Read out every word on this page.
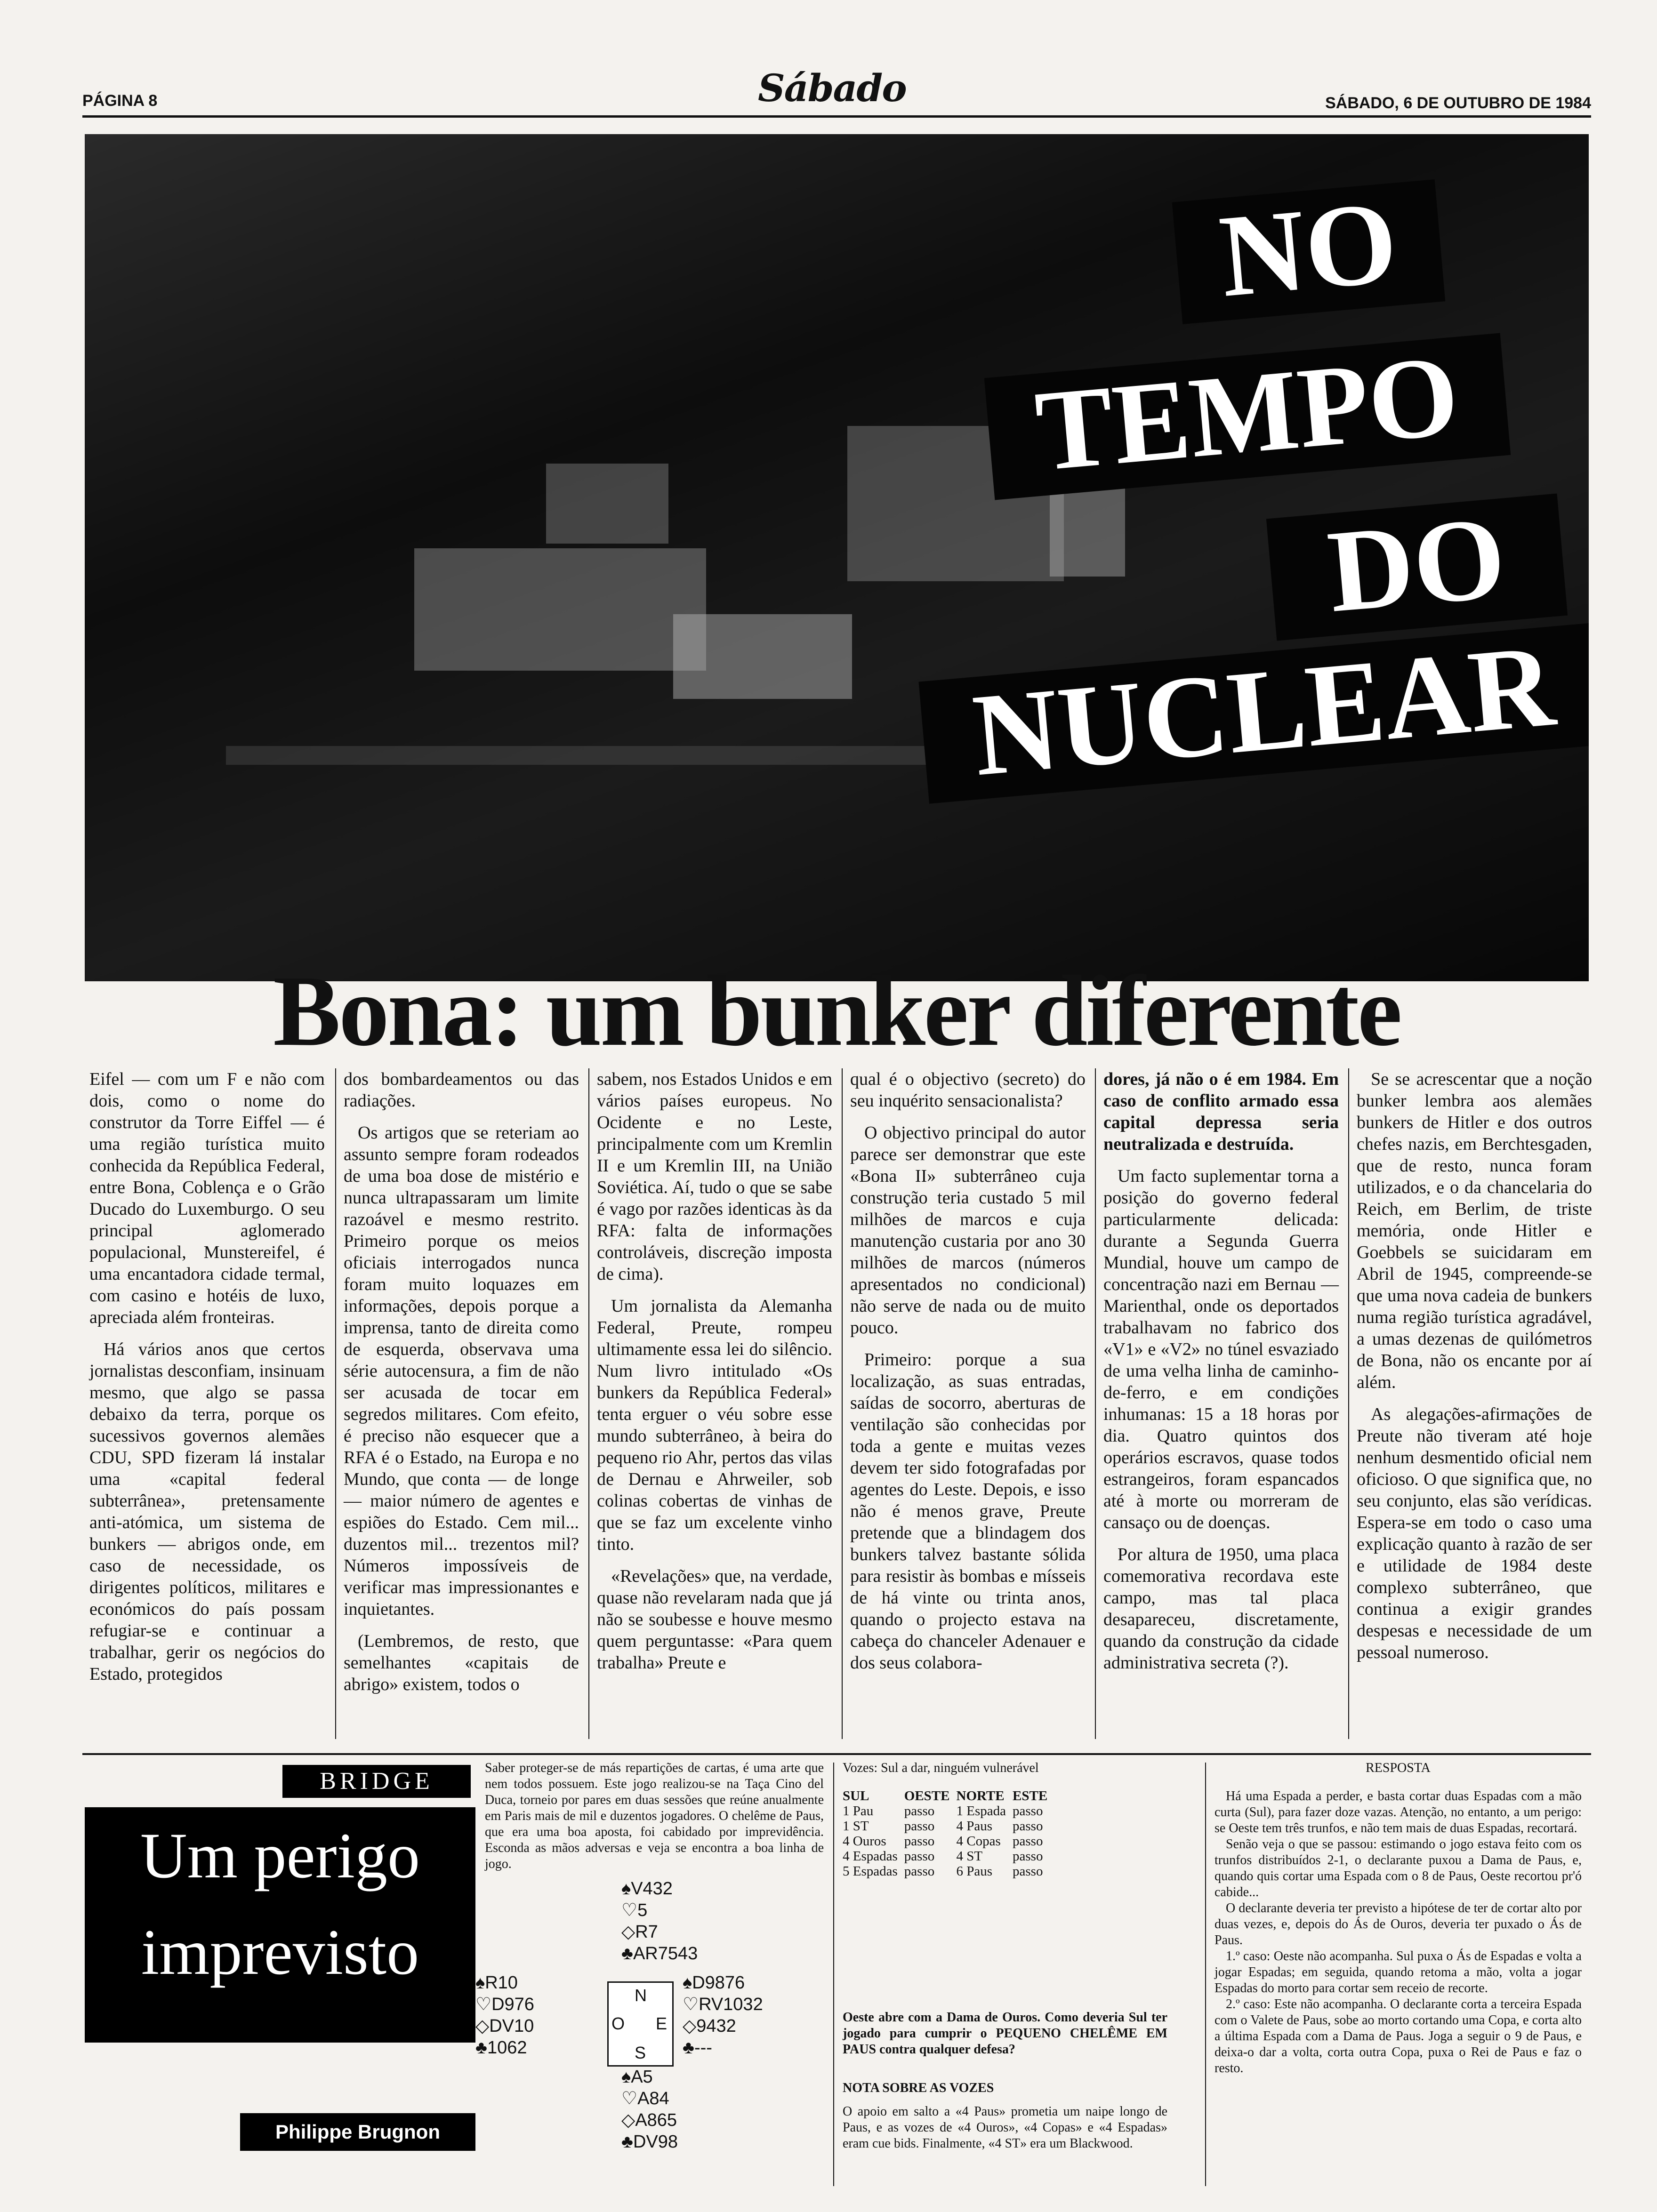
PÁGINA 8	Sábado	SÁBADO, 6 DE OUTUBRO DE 1984
NO
TEMPO
DO
NUCLEAR
Bona: um bunker diferente

Eifel — com um F e não com dois, como o nome do construtor da Torre Eiffel — é uma região turística muito conhecida da República Federal, entre Bona, Coblença e o Grão Ducado do Luxemburgo. O seu principal aglomerado populacional, Munstereifel, é uma encantadora cidade termal, com casino e hotéis de luxo, apreciada além fronteiras.

Há vários anos que certos jornalistas desconfiam, insinuam mesmo, que algo se passa debaixo da terra, porque os sucessivos governos alemães CDU, SPD fizeram lá instalar uma «capital federal subterrânea», pretensamente anti-atómica, um sistema de bunkers — abrigos onde, em caso de necessidade, os dirigentes políticos, militares e económicos do país possam refugiar-se e continuar a trabalhar, gerir os negócios do Estado, protegidos

dos bombardeamentos ou das radiações.

Os artigos que se reteriam ao assunto sempre foram rodeados de uma boa dose de mistério e nunca ultrapassaram um limite razoável e mesmo restrito. Primeiro porque os meios oficiais interrogados nunca foram muito loquazes em informações, depois porque a imprensa, tanto de direita como de esquerda, observava uma série autocensura, a fim de não ser acusada de tocar em segredos militares. Com efeito, é preciso não esquecer que a RFA é o Estado, na Europa e no Mundo, que conta — de longe — maior número de agentes e espiões do Estado. Cem mil... duzentos mil... trezentos mil? Números impossíveis de verificar mas impressionantes e inquietantes.

(Lembremos, de resto, que semelhantes «capitais de abrigo» existem, todos o

sabem, nos Estados Unidos e em vários países europeus. No Ocidente e no Leste, principalmente com um Kremlin II e um Kremlin III, na União Soviética. Aí, tudo o que se sabe é vago por razões identicas às da RFA: falta de informações controláveis, discreção imposta de cima).

Um jornalista da Alemanha Federal, Preute, rompeu ultimamente essa lei do silêncio. Num livro intitulado «Os bunkers da República Federal» tenta erguer o véu sobre esse mundo subterrâneo, à beira do pequeno rio Ahr, pertos das vilas de Dernau e Ahrweiler, sob colinas cobertas de vinhas de que se faz um excelente vinho tinto.

«Revelações» que, na verdade, quase não revelaram nada que já não se soubesse e houve mesmo quem perguntasse: «Para quem trabalha» Preute e

qual é o objectivo (secreto) do seu inquérito sensacionalista?

O objectivo principal do autor parece ser demonstrar que este «Bona II» subterrâneo cuja construção teria custado 5 mil milhões de marcos e cuja manutenção custaria por ano 30 milhões de marcos (números apresentados no condicional) não serve de nada ou de muito pouco.

Primeiro: porque a sua localização, as suas entradas, saídas de socorro, aberturas de ventilação são conhecidas por toda a gente e muitas vezes devem ter sido fotografadas por agentes do Leste. Depois, e isso não é menos grave, Preute pretende que a blindagem dos bunkers talvez bastante sólida para resistir às bombas e mísseis de há vinte ou trinta anos, quando o projecto estava na cabeça do chanceler Adenauer e dos seus colabora-

dores, já não o é em 1984. Em caso de conflito armado essa capital depressa seria neutralizada e destruída.

Um facto suplementar torna a posição do governo federal particularmente delicada: durante a Segunda Guerra Mundial, houve um campo de concentração nazi em Bernau — Marienthal, onde os deportados trabalhavam no fabrico dos «V1» e «V2» no túnel esvaziado de uma velha linha de caminho-de-ferro, e em condições inhumanas: 15 a 18 horas por dia. Quatro quintos dos operários escravos, quase todos estrangeiros, foram espancados até à morte ou morreram de cansaço ou de doenças.

Por altura de 1950, uma placa comemorativa recordava este campo, mas tal placa desapareceu, discretamente, quando da construção da cidade administrativa secreta (?).

Se se acrescentar que a noção bunker lembra aos alemães bunkers de Hitler e dos outros chefes nazis, em Berchtesgaden, que de resto, nunca foram utilizados, e o da chancelaria do Reich, em Berlim, de triste memória, onde Hitler e Goebbels se suicidaram em Abril de 1945, compreende-se que uma nova cadeia de bunkers numa região turística agradável, a umas dezenas de quilómetros de Bona, não os encante por aí além.

As alegações-afirmações de Preute não tiveram até hoje nenhum desmentido oficial nem oficioso. O que significa que, no seu conjunto, elas são verídicas. Espera-se em todo o caso uma explicação quanto à razão de ser e utilidade de 1984 deste complexo subterrâneo, que continua a exigir grandes despesas e necessidade de um pessoal numeroso.

BRIDGE
Um perigo
imprevisto
Philippe Brugnon
Saber proteger-se de más repartições de cartas, é uma arte que nem todos possuem. Este jogo realizou-se na Taça Cino del Duca, torneio por pares em duas sessões que reúne anualmente em Paris mais de mil e duzentos jogadores. O chelême de Paus, que era uma boa aposta, foi cabidado por imprevidência. Esconda as mãos adversas e veja se encontra a boa linha de jogo.
♠V432
♡5
◇R7
♣AR7543
♠R10
♡D976
◇DV10
♣1062
N
S
O E
♠D9876
♡RV1032
◇9432
♣---
♠A5
♡A84
◇A865
♣DV98
Vozes: Sul a dar, ninguém vulnerável
SUL	OESTE	NORTE	ESTE
1 Pau	passo	1 Espada	passo
1 ST	passo	4 Paus	passo
4 Ouros	passo	4 Copas	passo
4 Espadas	passo	4 ST	passo
5 Espadas	passo	6 Paus	passo
Oeste abre com a Dama de Ouros. Como deveria Sul ter jogado para cumprir o PEQUENO CHELÊME EM PAUS contra qualquer defesa?
NOTA SOBRE AS VOZES
O apoio em salto a «4 Paus» prometia um naipe longo de Paus, e as vozes de «4 Ouros», «4 Copas» e «4 Espadas» eram cue bids. Finalmente, «4 ST» era um Blackwood.
RESPOSTA
Há uma Espada a perder, e basta cortar duas Espadas com a mão curta (Sul), para fazer doze vazas. Atenção, no entanto, a um perigo: se Oeste tem três trunfos, e não tem mais de duas Espadas, recortará.
Senão veja o que se passou: estimando o jogo estava feito com os trunfos distribuídos 2-1, o declarante puxou a Dama de Paus, e, quando quis cortar uma Espada com o 8 de Paus, Oeste recortou pr'ó cabide...
O declarante deveria ter previsto a hipótese de ter de cortar alto por duas vezes, e, depois do Ás de Ouros, deveria ter puxado o Ás de Paus.
1.º caso: Oeste não acompanha. Sul puxa o Ás de Espadas e volta a jogar Espadas; em seguida, quando retoma a mão, volta a jogar Espadas do morto para cortar sem receio de recorte.
2.º caso: Este não acompanha. O declarante corta a terceira Espada com o Valete de Paus, sobe ao morto cortando uma Copa, e corta alto a última Espada com a Dama de Paus. Joga a seguir o 9 de Paus, e deixa-o dar a volta, corta outra Copa, puxa o Rei de Paus e faz o resto.
